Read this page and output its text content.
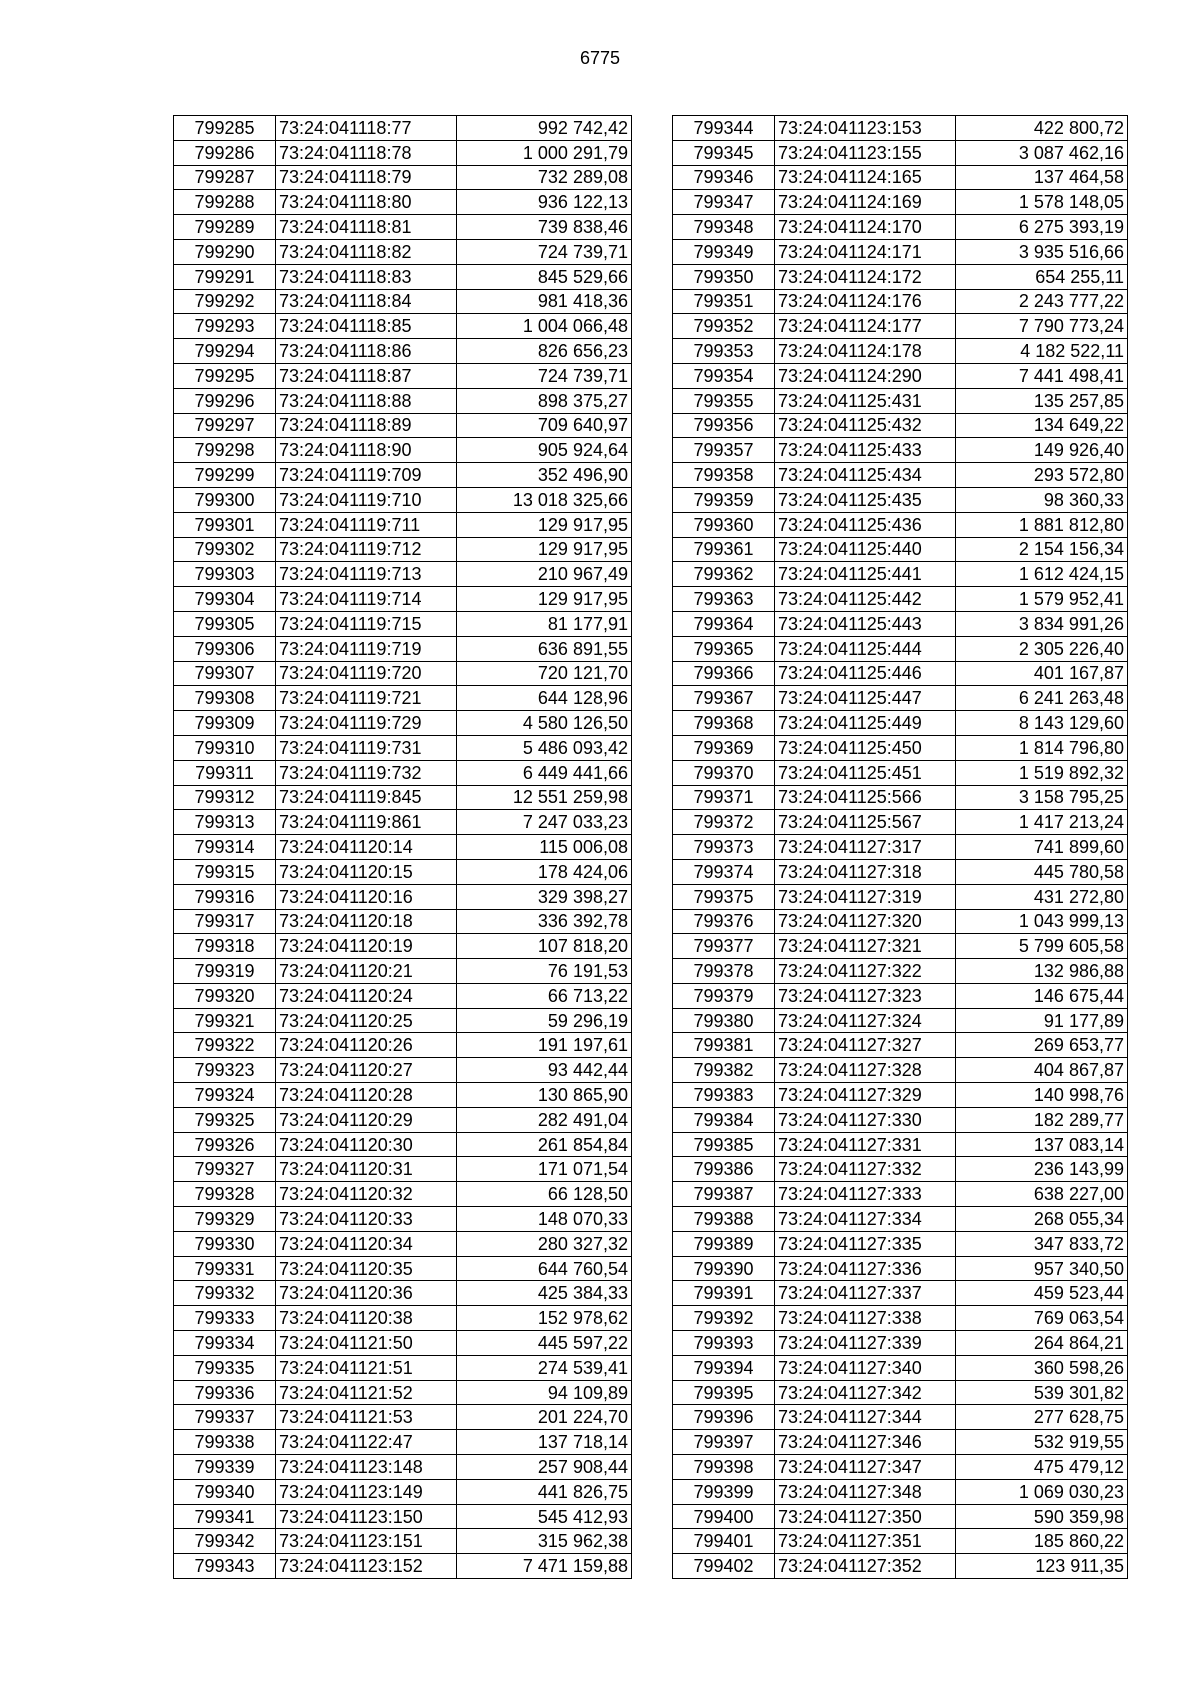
6775
799285	73:24:041118:77	992 742,42
799286	73:24:041118:78	1 000 291,79
799287	73:24:041118:79	732 289,08
799288	73:24:041118:80	936 122,13
799289	73:24:041118:81	739 838,46
799290	73:24:041118:82	724 739,71
799291	73:24:041118:83	845 529,66
799292	73:24:041118:84	981 418,36
799293	73:24:041118:85	1 004 066,48
799294	73:24:041118:86	826 656,23
799295	73:24:041118:87	724 739,71
799296	73:24:041118:88	898 375,27
799297	73:24:041118:89	709 640,97
799298	73:24:041118:90	905 924,64
799299	73:24:041119:709	352 496,90
799300	73:24:041119:710	13 018 325,66
799301	73:24:041119:711	129 917,95
799302	73:24:041119:712	129 917,95
799303	73:24:041119:713	210 967,49
799304	73:24:041119:714	129 917,95
799305	73:24:041119:715	81 177,91
799306	73:24:041119:719	636 891,55
799307	73:24:041119:720	720 121,70
799308	73:24:041119:721	644 128,96
799309	73:24:041119:729	4 580 126,50
799310	73:24:041119:731	5 486 093,42
799311	73:24:041119:732	6 449 441,66
799312	73:24:041119:845	12 551 259,98
799313	73:24:041119:861	7 247 033,23
799314	73:24:041120:14	115 006,08
799315	73:24:041120:15	178 424,06
799316	73:24:041120:16	329 398,27
799317	73:24:041120:18	336 392,78
799318	73:24:041120:19	107 818,20
799319	73:24:041120:21	76 191,53
799320	73:24:041120:24	66 713,22
799321	73:24:041120:25	59 296,19
799322	73:24:041120:26	191 197,61
799323	73:24:041120:27	93 442,44
799324	73:24:041120:28	130 865,90
799325	73:24:041120:29	282 491,04
799326	73:24:041120:30	261 854,84
799327	73:24:041120:31	171 071,54
799328	73:24:041120:32	66 128,50
799329	73:24:041120:33	148 070,33
799330	73:24:041120:34	280 327,32
799331	73:24:041120:35	644 760,54
799332	73:24:041120:36	425 384,33
799333	73:24:041120:38	152 978,62
799334	73:24:041121:50	445 597,22
799335	73:24:041121:51	274 539,41
799336	73:24:041121:52	94 109,89
799337	73:24:041121:53	201 224,70
799338	73:24:041122:47	137 718,14
799339	73:24:041123:148	257 908,44
799340	73:24:041123:149	441 826,75
799341	73:24:041123:150	545 412,93
799342	73:24:041123:151	315 962,38
799343	73:24:041123:152	7 471 159,88
799344	73:24:041123:153	422 800,72
799345	73:24:041123:155	3 087 462,16
799346	73:24:041124:165	137 464,58
799347	73:24:041124:169	1 578 148,05
799348	73:24:041124:170	6 275 393,19
799349	73:24:041124:171	3 935 516,66
799350	73:24:041124:172	654 255,11
799351	73:24:041124:176	2 243 777,22
799352	73:24:041124:177	7 790 773,24
799353	73:24:041124:178	4 182 522,11
799354	73:24:041124:290	7 441 498,41
799355	73:24:041125:431	135 257,85
799356	73:24:041125:432	134 649,22
799357	73:24:041125:433	149 926,40
799358	73:24:041125:434	293 572,80
799359	73:24:041125:435	98 360,33
799360	73:24:041125:436	1 881 812,80
799361	73:24:041125:440	2 154 156,34
799362	73:24:041125:441	1 612 424,15
799363	73:24:041125:442	1 579 952,41
799364	73:24:041125:443	3 834 991,26
799365	73:24:041125:444	2 305 226,40
799366	73:24:041125:446	401 167,87
799367	73:24:041125:447	6 241 263,48
799368	73:24:041125:449	8 143 129,60
799369	73:24:041125:450	1 814 796,80
799370	73:24:041125:451	1 519 892,32
799371	73:24:041125:566	3 158 795,25
799372	73:24:041125:567	1 417 213,24
799373	73:24:041127:317	741 899,60
799374	73:24:041127:318	445 780,58
799375	73:24:041127:319	431 272,80
799376	73:24:041127:320	1 043 999,13
799377	73:24:041127:321	5 799 605,58
799378	73:24:041127:322	132 986,88
799379	73:24:041127:323	146 675,44
799380	73:24:041127:324	91 177,89
799381	73:24:041127:327	269 653,77
799382	73:24:041127:328	404 867,87
799383	73:24:041127:329	140 998,76
799384	73:24:041127:330	182 289,77
799385	73:24:041127:331	137 083,14
799386	73:24:041127:332	236 143,99
799387	73:24:041127:333	638 227,00
799388	73:24:041127:334	268 055,34
799389	73:24:041127:335	347 833,72
799390	73:24:041127:336	957 340,50
799391	73:24:041127:337	459 523,44
799392	73:24:041127:338	769 063,54
799393	73:24:041127:339	264 864,21
799394	73:24:041127:340	360 598,26
799395	73:24:041127:342	539 301,82
799396	73:24:041127:344	277 628,75
799397	73:24:041127:346	532 919,55
799398	73:24:041127:347	475 479,12
799399	73:24:041127:348	1 069 030,23
799400	73:24:041127:350	590 359,98
799401	73:24:041127:351	185 860,22
799402	73:24:041127:352	123 911,35
